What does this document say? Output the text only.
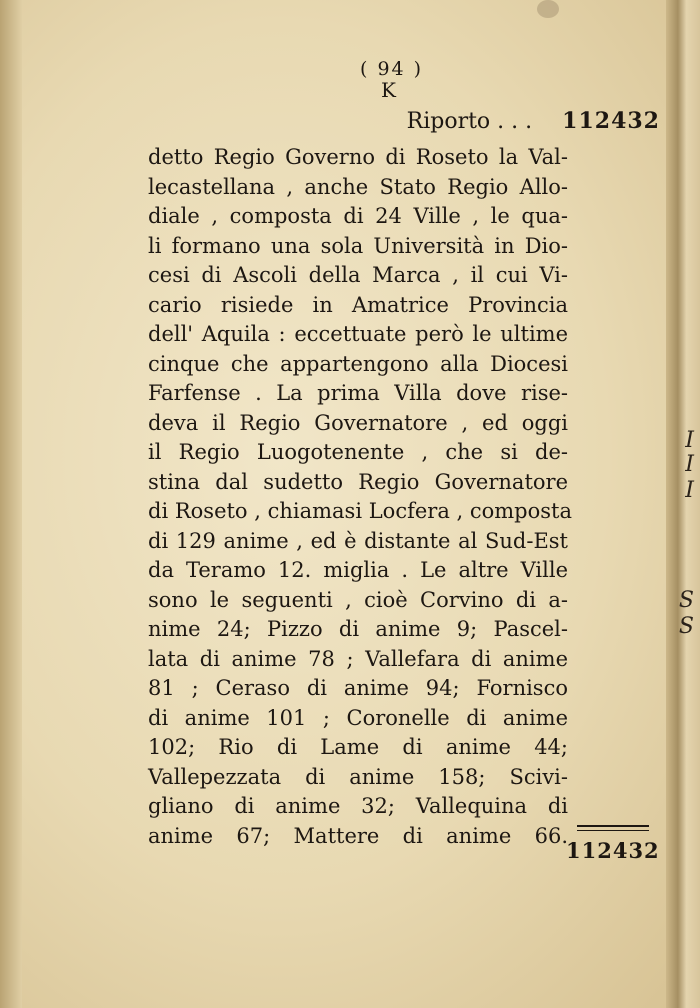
( 94 )
K
Riporto . . . 112432

detto Regio Governo di Roseto la Val-
lecastellana , anche Stato Regio Allo-
diale , composta di 24 Ville , le qua-
li formano una sola Università in Dio-
cesi di Ascoli della Marca , il cui Vi-
cario risiede in Amatrice Provincia
dell' Aquila : eccettuate però le ultime
cinque che appartengono alla Diocesi
Farfense . La prima Villa dove rise-
deva il Regio Governatore , ed oggi
il Regio Luogotenente , che si de-
stina dal sudetto Regio Governatore
di Roseto , chiamasi Locfera , composta
di 129 anime , ed è distante al Sud-Est
da Teramo 12. miglia . Le altre Ville
sono le seguenti , cioè Corvino di a-
nime 24; Pizzo di anime 9; Pascel-
lata di anime 78 ; Vallefara di anime
81 ; Ceraso di anime 94; Fornisco
di anime 101 ; Coronelle di anime
102; Rio di Lame di anime 44;
Vallepezzata di anime 158; Scivi-
gliano di anime 32; Vallequina di
anime 67; Mattere di anime 66.

112432
I
I
I
S
S
